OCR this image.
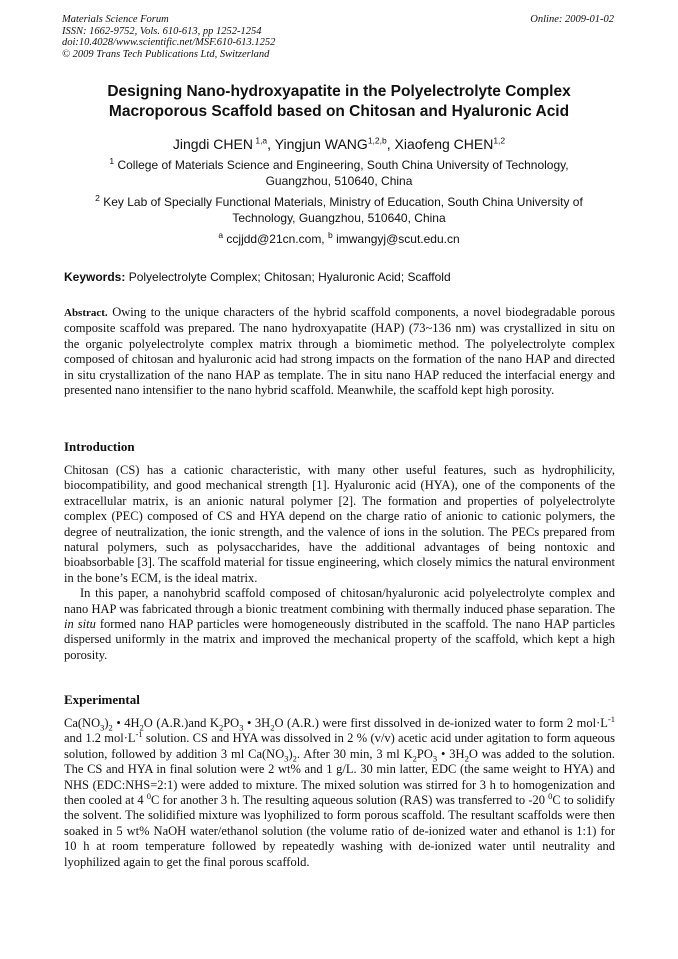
Materials Science Forum
ISSN: 1662-9752, Vols. 610-613, pp 1252-1254
doi:10.4028/www.scientific.net/MSF.610-613.1252
© 2009 Trans Tech Publications Ltd, Switzerland
Online: 2009-01-02
Designing Nano-hydroxyapatite in the Polyelectrolyte Complex
Macroporous Scaffold based on Chitosan and Hyaluronic Acid
Jingdi CHEN $^{1,a}$, Yingjun WANG$^{1,2,b}$, Xiaofeng CHEN$^{1,2}$
$^1$ College of Materials Science and Engineering, South China University of Technology,
Guangzhou, 510640, China
$^2$ Key Lab of Specially Functional Materials, Ministry of Education, South China University of
Technology, Guangzhou, 510640, China
$^a$ ccjjdd@21cn.com, $^b$ imwangyj@scut.edu.cn
Keywords: Polyelectrolyte Complex; Chitosan; Hyaluronic Acid; Scaffold

Abstract. Owing to the unique characters of the hybrid scaffold components, a novel biodegradable porous composite scaffold was prepared. The nano hydroxyapatite (HAP) (73~136 nm) was crystallized in situ on the organic polyelectrolyte complex matrix through a biomimetic method. The polyelectrolyte complex composed of chitosan and hyaluronic acid had strong impacts on the formation of the nano HAP and directed in situ crystallization of the nano HAP as template. The in situ nano HAP reduced the interfacial energy and presented nano intensifier to the nano hybrid scaffold. Meanwhile, the scaffold kept high porosity.

Introduction

Chitosan (CS) has a cationic characteristic, with many other useful features, such as hydrophilicity, biocompatibility, and good mechanical strength [1]. Hyaluronic acid (HYA), one of the components of the extracellular matrix, is an anionic natural polymer [2]. The formation and properties of polyelectrolyte complex (PEC) composed of CS and HYA depend on the charge ratio of anionic to cationic polymers, the degree of neutralization, the ionic strength, and the valence of ions in the solution. The PECs prepared from natural polymers, such as polysaccharides, have the additional advantages of being nontoxic and bioabsorbable [3]. The scaffold material for tissue engineering, which closely mimics the natural environment in the bone’s ECM, is the ideal matrix.

In this paper, a nanohybrid scaffold composed of chitosan/hyaluronic acid polyelectrolyte complex and nano HAP was fabricated through a bionic treatment combining with thermally induced phase separation. The in situ formed nano HAP particles were homogeneously distributed in the scaffold. The nano HAP particles dispersed uniformly in the matrix and improved the mechanical property of the scaffold, which kept a high porosity.

Experimental

$Ca(NO_3)_2$ • $4H_2O$ (A.R.)and $K_2PO_3$ • $3H_2O$ (A.R.) were first dissolved in de-ionized water to form 2 $mol\cdot L^{-1}$ and 1.2 $mol\cdot L^{-1}$ solution. CS and HYA was dissolved in 2 % (v/v) acetic acid under agitation to form aqueous solution, followed by addition 3 ml $Ca(NO_3)_2$. After 30 min, 3 ml $K_2PO_3$ • $3H_2O$ was added to the solution. The CS and HYA in final solution were 2 wt% and 1 g/L. 30 min latter, EDC (the same weight to HYA) and NHS (EDC:NHS=2:1) were added to mixture. The mixed solution was stirred for 3 h to homogenization and then cooled at 4 $^0$C for another 3 h. The resulting aqueous solution (RAS) was transferred to -20 $^0$C to solidify the solvent. The solidified mixture was lyophilized to form porous scaffold. The resultant scaffolds were then soaked in 5 wt% NaOH water/ethanol solution (the volume ratio of de-ionized water and ethanol is 1:1) for 10 h at room temperature followed by repeatedly washing with de-ionized water until neutrality and lyophilized again to get the final porous scaffold.
